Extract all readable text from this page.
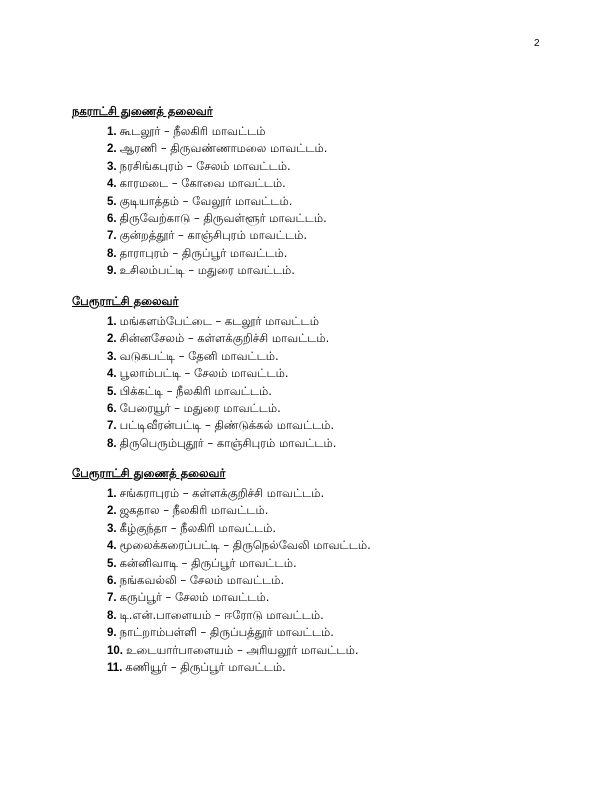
2
நகராட்சி துணைத் தலைவர்
1. கூடலூர் – நீலகிரி மாவட்டம்
2. ஆரணி – திருவண்ணாமலை மாவட்டம்.
3. நரசிங்கபுரம் – சேலம் மாவட்டம்.
4. காரமடை – கோவை மாவட்டம்.
5. குடியாத்தம் – வேலூர் மாவட்டம்.
6. திருவேற்காடு – திருவள்ளூர் மாவட்டம்.
7. குன்றத்தூர் – காஞ்சிபுரம் மாவட்டம்.
8. தாராபுரம் – திருப்பூர் மாவட்டம்.
9. உசிலம்பட்டி – மதுரை மாவட்டம்.
பேரூராட்சி தலைவர்
1. மங்களம்பேட்டை – கடலூர் மாவட்டம்
2. சின்னசேலம் – கள்ளக்குறிச்சி மாவட்டம்.
3. வடுகபட்டி – தேனி மாவட்டம்.
4. பூலாம்பட்டி – சேலம் மாவட்டம்.
5. பிக்கட்டி – நீலகிரி மாவட்டம்.
6. பேரையூர் – மதுரை மாவட்டம்.
7. பட்டிவீரன்பட்டி – திண்டுக்கல் மாவட்டம்.
8. திருபெரும்புதூர் – காஞ்சிபுரம் மாவட்டம்.
பேரூராட்சி துணைத் தலைவர்
1. சங்கராபுரம் – கள்ளக்குறிச்சி மாவட்டம்.
2. ஜகதால – நீலகிரி மாவட்டம்.
3. கீழ்குந்தா – நீலகிரி மாவட்டம்.
4. மூலைக்கரைப்பட்டி – திருநெல்வேலி மாவட்டம்.
5. கன்னிவாடி – திருப்பூர் மாவட்டம்.
6. நங்கவல்லி – சேலம் மாவட்டம்.
7. கருப்பூர் – சேலம் மாவட்டம்.
8. டி.என்.பாளையம் – ஈரோடு மாவட்டம்.
9. நாட்றாம்பள்ளி – திருப்பத்தூர் மாவட்டம்.
10. உடையார்பாளையம் – அரியலூர் மாவட்டம்.
11. கணியூர் – திருப்பூர் மாவட்டம்.
